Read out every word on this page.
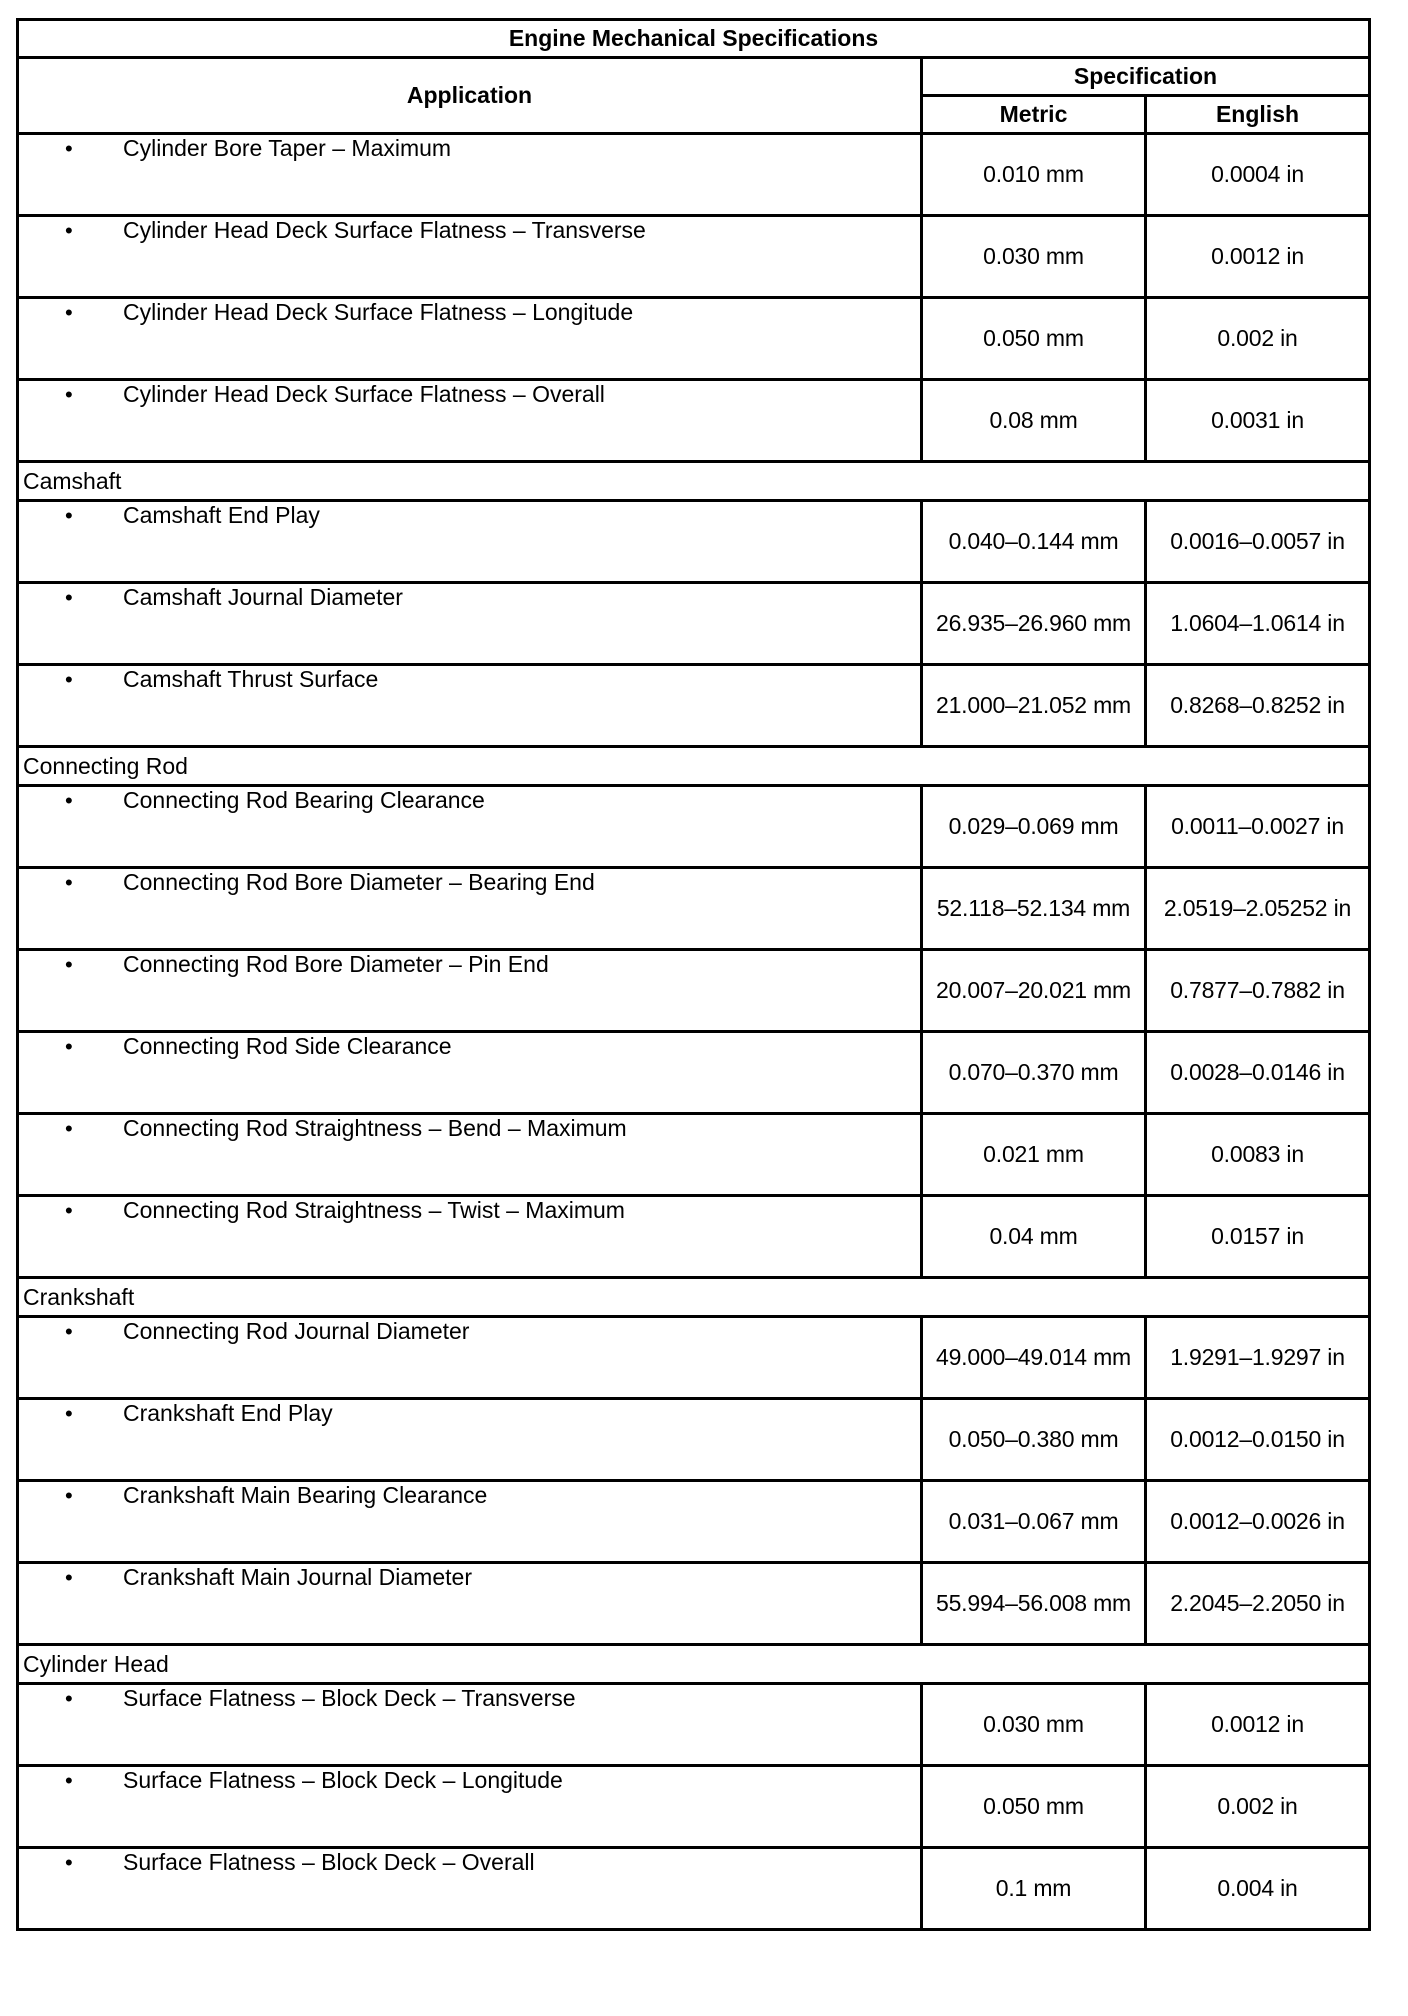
Engine Mechanical Specifications		
Application	Specification	
	Metric	English
• Cylinder Bore Taper – Maximum	0.010 mm	0.0004 in
• Cylinder Head Deck Surface Flatness – Transverse	0.030 mm	0.0012 in
• Cylinder Head Deck Surface Flatness – Longitude	0.050 mm	0.002 in
• Cylinder Head Deck Surface Flatness – Overall	0.08 mm	0.0031 in
Camshaft		
• Camshaft End Play	0.040–0.144 mm	0.0016–0.0057 in
• Camshaft Journal Diameter	26.935–26.960 mm	1.0604–1.0614 in
• Camshaft Thrust Surface	21.000–21.052 mm	0.8268–0.8252 in
Connecting Rod		
• Connecting Rod Bearing Clearance	0.029–0.069 mm	0.0011–0.0027 in
• Connecting Rod Bore Diameter – Bearing End	52.118–52.134 mm	2.0519–2.05252 in
• Connecting Rod Bore Diameter – Pin End	20.007–20.021 mm	0.7877–0.7882 in
• Connecting Rod Side Clearance	0.070–0.370 mm	0.0028–0.0146 in
• Connecting Rod Straightness – Bend – Maximum	0.021 mm	0.0083 in
• Connecting Rod Straightness – Twist – Maximum	0.04 mm	0.0157 in
Crankshaft		
• Connecting Rod Journal Diameter	49.000–49.014 mm	1.9291–1.9297 in
• Crankshaft End Play	0.050–0.380 mm	0.0012–0.0150 in
• Crankshaft Main Bearing Clearance	0.031–0.067 mm	0.0012–0.0026 in
• Crankshaft Main Journal Diameter	55.994–56.008 mm	2.2045–2.2050 in
Cylinder Head		
• Surface Flatness – Block Deck – Transverse	0.030 mm	0.0012 in
• Surface Flatness – Block Deck – Longitude	0.050 mm	0.002 in
• Surface Flatness – Block Deck – Overall	0.1 mm	0.004 in
